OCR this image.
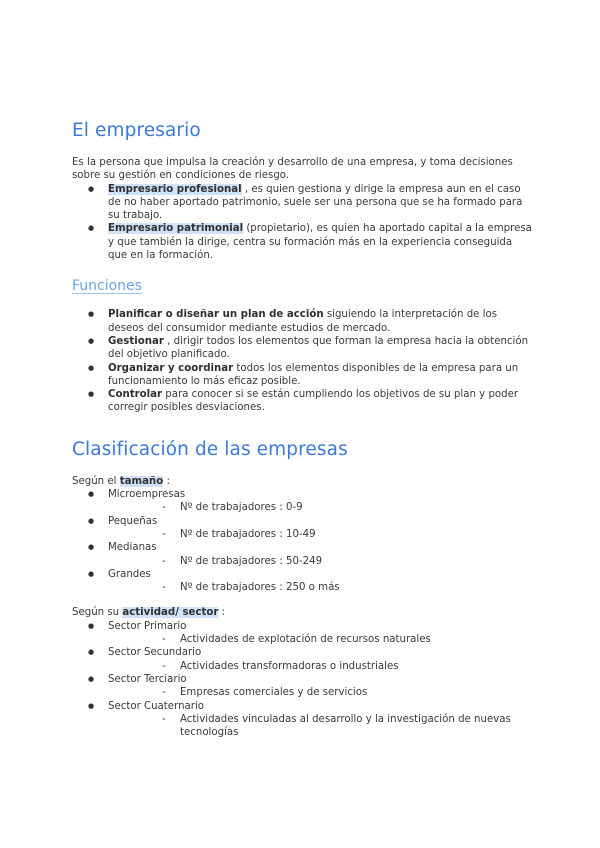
El empresario

Es la persona que impulsa la creación y desarrollo de una empresa, y toma decisiones sobre su gestión en condiciones de riesgo.

● Empresario profesional , es quien gestiona y dirige la empresa aun en el caso de no haber aportado patrimonio, suele ser una persona que se ha formado para su trabajo.
● Empresario patrimonial (propietario), es quien ha aportado capital a la empresa y que también la dirige, centra su formación más en la experiencia conseguida que en la formación.
Funciones
● Planificar o diseñar un plan de acción siguiendo la interpretación de los deseos del consumidor mediante estudios de mercado.
● Gestionar , dirigir todos los elementos que forman la empresa hacia la obtención del objetivo planificado.
● Organizar y coordinar todos los elementos disponibles de la empresa para un funcionamiento lo más eficaz posible.
● Controlar para conocer si se están cumpliendo los objetivos de su plan y poder corregir posibles desviaciones.
Clasificación de las empresas

Según el tamaño :

● Microempresas
- Nº de trabajadores : 0-9
● Pequeñas
- Nº de trabajadores : 10-49
● Medianas
- Nº de trabajadores : 50-249
● Grandes
- Nº de trabajadores : 250 o más

Según su actividad/ sector :

● Sector Primario
- Actividades de explotación de recursos naturales
● Sector Secundario
- Actividades transformadoras o industriales
● Sector Terciario
- Empresas comerciales y de servicios
● Sector Cuaternario
- Actividades vinculadas al desarrollo y la investigación de nuevas tecnologías
